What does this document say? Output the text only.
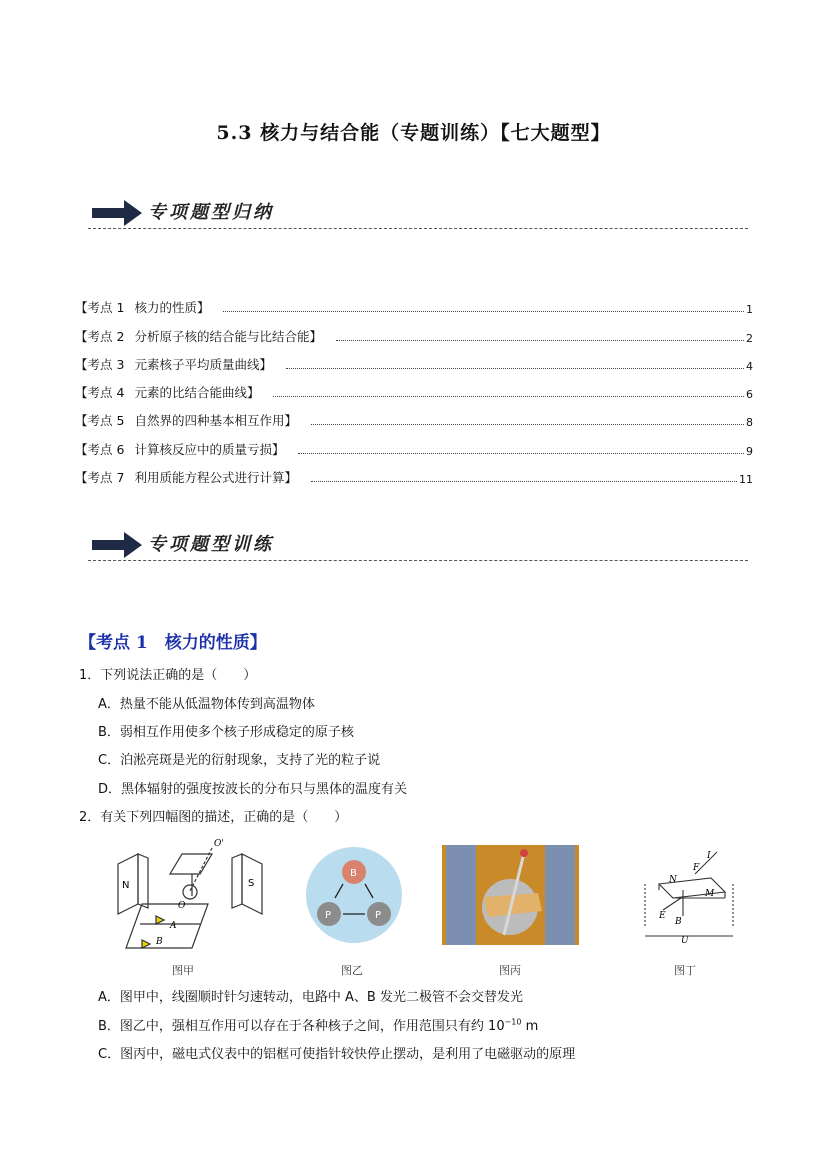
5.3 核力与结合能（专题训练）【七大题型】
专项题型归纳
【考点 1 核力的性质】	1
【考点 2 分析原子核的结合能与比结合能】	2
【考点 3 元素核子平均质量曲线】	4
【考点 4 元素的比结合能曲线】	6
【考点 5 自然界的四种基本相互作用】	8
【考点 6 计算核反应中的质量亏损】	9
【考点 7 利用质能方程公式进行计算】	11
专项题型训练
【考点 1　核力的性质】
1．下列说法正确的是（　　）
A．热量不能从低温物体传到高温物体
B．弱相互作用使多个核子形成稳定的原子核
C．泊淞亮斑是光的衍射现象，支持了光的粒子说
D．黑体辐射的强度按波长的分布只与黑体的温度有关
2．有关下列四幅图的描述，正确的是（　　）
N	S
O
O'
A
B
B
P	P
I
F
N
M
E
B
U
图甲	图乙	图丙	图丁
A．图甲中，线圈顺时针匀速转动，电路中 A、B 发光二极管不会交替发光
B．图乙中，强相互作用可以存在于各种核子之间，作用范围只有约 $10^{-10}$ m
C．图丙中，磁电式仪表中的铝框可使指针较快停止摆动，是利用了电磁驱动的原理
